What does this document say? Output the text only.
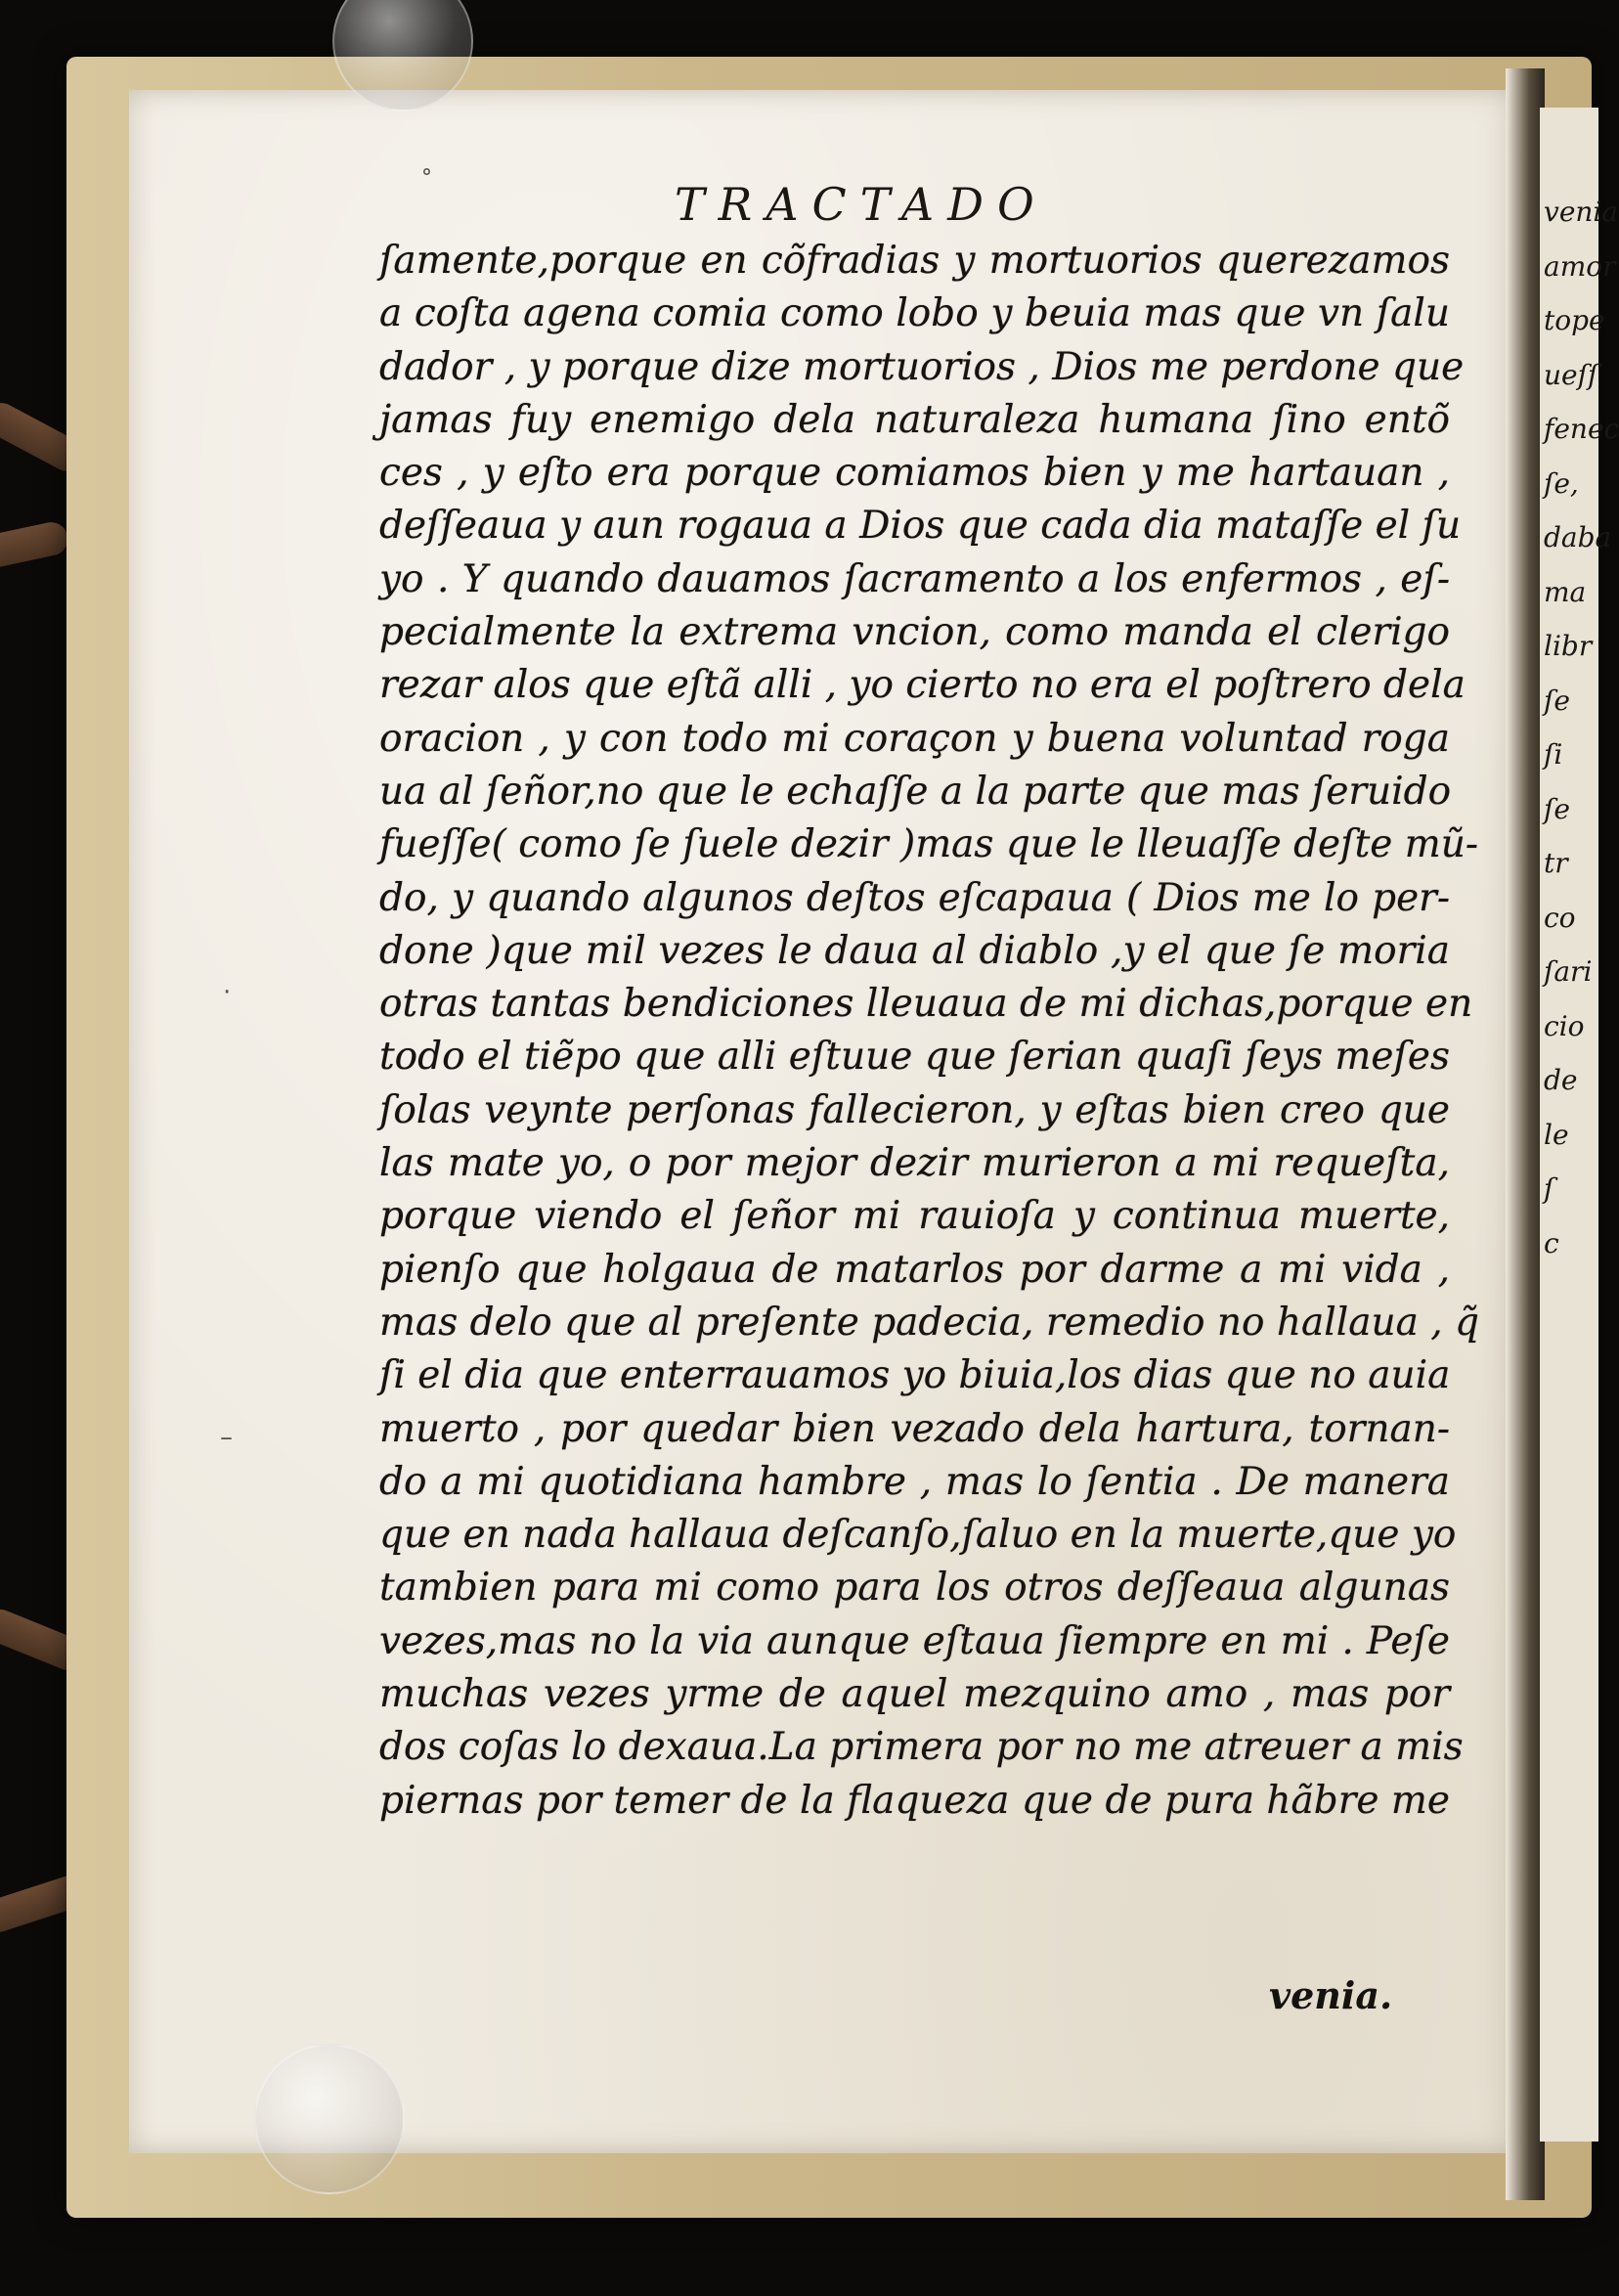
venia
amor
tope
ueſſ
fenec
ſe,
daba
ma
libr
ſe
ſi
ſe
tr
co
ſari
cio
de
le
ſ
c
˚
·
–
TRACTADO
ſamente,porque en cõfradias y mortuorios querezamos
a coſta agena comia como lobo y beuia mas que vn ſalu
dador , y porque dize mortuorios , Dios me perdone que
jamas fuy enemigo dela naturaleza humana ſino entõ
ces , y eſto era porque comiamos bien y me hartauan ,
deſſeaua y aun rogaua a Dios que cada dia mataſſe el ſu
yo . Y quando dauamos ſacramento a los enfermos , eſ-
pecialmente la extrema vncion, como manda el clerigo
rezar alos que eſtã alli , yo cierto no era el poſtrero dela
oracion , y con todo mi coraçon y buena voluntad roga
ua al ſeñor,no que le echaſſe a la parte que mas ſeruido
fueſſe( como ſe ſuele dezir )mas que le lleuaſſe deſte mũ-
do, y quando algunos deſtos eſcapaua ( Dios me lo per-
done )que mil vezes le daua al diablo ,y el que ſe moria
otras tantas bendiciones lleuaua de mi dichas,porque en
todo el tiẽpo que alli eſtuue que ſerian quaſi ſeys meſes
ſolas veynte perſonas fallecieron, y eſtas bien creo que
las mate yo, o por mejor dezir murieron a mi requeſta,
porque viendo el ſeñor mi rauioſa y continua muerte,
pienſo que holgaua de matarlos por darme a mi vida ,
mas delo que al preſente padecia, remedio no hallaua , q̃
ſi el dia que enterrauamos yo biuia,los dias que no auia
muerto , por quedar bien vezado dela hartura, tornan-
do a mi quotidiana hambre , mas lo ſentia . De manera
que en nada hallaua deſcanſo,ſaluo en la muerte,que yo
tambien para mi como para los otros deſſeaua algunas
vezes,mas no la via aunque eſtaua ſiempre en mi . Peſe
muchas vezes yrme de aquel mezquino amo , mas por
dos coſas lo dexaua.La primera por no me atreuer a mis
piernas por temer de la flaqueza que de pura hãbre me
venia.
